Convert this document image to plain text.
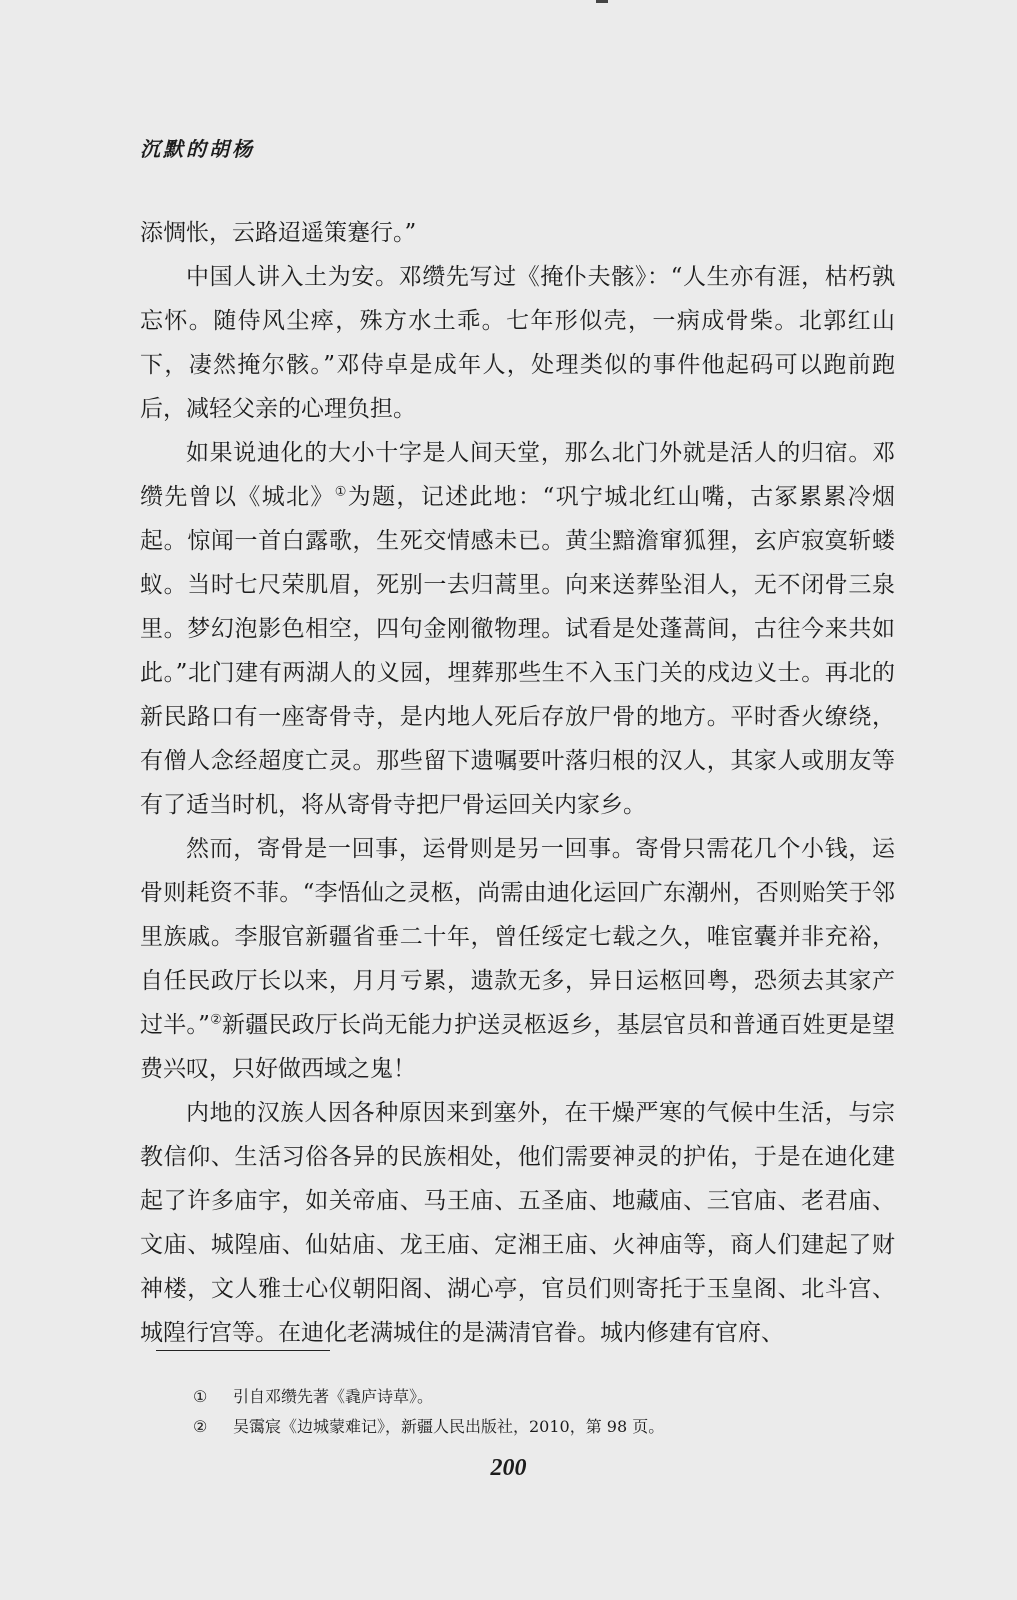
沉默的胡杨

添惆怅，云路迢遥策蹇行。”

中国人讲入土为安。邓缵先写过《掩仆夫骸》：“人生亦有涯，枯朽孰忘怀。随侍风尘瘁，殊方水土乖。七年形似壳，一病成骨柴。北郭红山下，凄然掩尔骸。”邓侍卓是成年人，处理类似的事件他起码可以跑前跑后，减轻父亲的心理负担。

如果说迪化的大小十字是人间天堂，那么北门外就是活人的归宿。邓缵先曾以《城北》①为题，记述此地：“巩宁城北红山嘴，古冢累累冷烟起。惊闻一首白露歌，生死交情感未已。黄尘黯澹窜狐狸，玄庐寂寞斩蝼蚁。当时七尺荣肌眉，死别一去归蒿里。向来送葬坠泪人，无不闭骨三泉里。梦幻泡影色相空，四句金刚徹物理。试看是处蓬蒿间，古往今来共如此。”北门建有两湖人的义园，埋葬那些生不入玉门关的戍边义士。再北的新民路口有一座寄骨寺，是内地人死后存放尸骨的地方。平时香火缭绕，有僧人念经超度亡灵。那些留下遗嘱要叶落归根的汉人，其家人或朋友等有了适当时机，将从寄骨寺把尸骨运回关内家乡。

然而，寄骨是一回事，运骨则是另一回事。寄骨只需花几个小钱，运骨则耗资不菲。“李悟仙之灵柩，尚需由迪化运回广东潮州，否则贻笑于邻里族戚。李服官新疆省垂二十年，曾任绥定七载之久，唯宦囊并非充裕，自任民政厅长以来，月月亏累，遗款无多，异日运柩回粤，恐须去其家产过半。”②新疆民政厅长尚无能力护送灵柩返乡，基层官员和普通百姓更是望费兴叹，只好做西域之鬼！

内地的汉族人因各种原因来到塞外，在干燥严寒的气候中生活，与宗教信仰、生活习俗各异的民族相处，他们需要神灵的护佑，于是在迪化建起了许多庙宇，如关帝庙、马王庙、五圣庙、地藏庙、三官庙、老君庙、文庙、城隍庙、仙姑庙、龙王庙、定湘王庙、火神庙等，商人们建起了财神楼，文人雅士心仪朝阳阁、湖心亭，官员们则寄托于玉皇阁、北斗宫、城隍行宫等。在迪化老满城住的是满清官眷。城内修建有官府、

①	引自邓缵先著《毳庐诗草》。
②	吴霭宸《边城蒙难记》，新疆人民出版社，2010，第 98 页。
200
